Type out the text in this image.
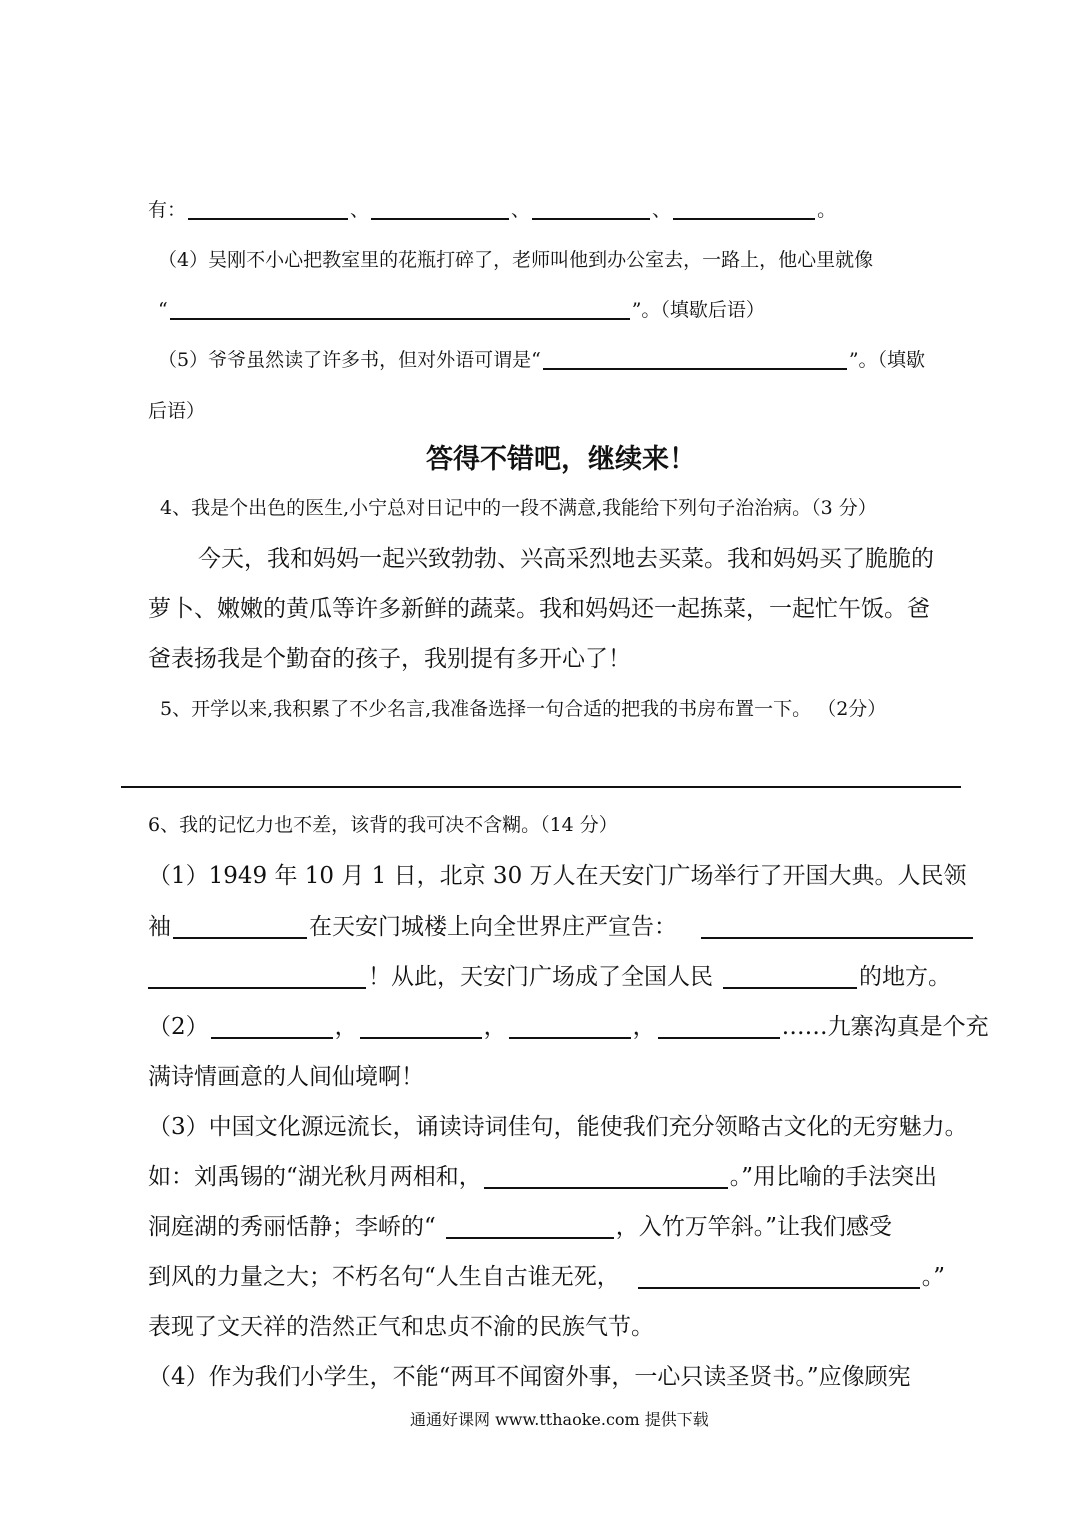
有：	、	、	、	。
（4）吴刚不小心把教室里的花瓶打碎了，老师叫他到办公室去，一路上，他心里就像
“	”。（填歇后语）
（5）爷爷虽然读了许多书，但对外语可谓是“	”。（填歇
后语）
答得不错吧，继续来！
4、我是个出色的医生,小宁总对日记中的一段不满意,我能给下列句子治治病。（3 分）
今天，我和妈妈一起兴致勃勃、兴高采烈地去买菜。我和妈妈买了脆脆的
萝卜、嫩嫩的黄瓜等许多新鲜的蔬菜。我和妈妈还一起拣菜，一起忙午饭。爸
爸表扬我是个勤奋的孩子，我别提有多开心了！
5、开学以来,我积累了不少名言,我准备选择一句合适的把我的书房布置一下。 （2分）
6、我的记忆力也不差，该背的我可决不含糊。（14 分）
（1）1949 年 10 月 1 日，北京 30 万人在天安门广场举行了开国大典。人民领
袖	在天安门城楼上向全世界庄严宣告：
！从此，天安门广场成了全国人民	的地方。
（2）	，	，	，	……九寨沟真是个充
满诗情画意的人间仙境啊！
（3）中国文化源远流长，诵读诗词佳句，能使我们充分领略古文化的无穷魅力。
如：刘禹锡的“湖光秋月两相和，	。”用比喻的手法突出
洞庭湖的秀丽恬静；李峤的“	，入竹万竿斜。”让我们感受
到风的力量之大；不朽名句“人生自古谁无死，	。”
表现了文天祥的浩然正气和忠贞不渝的民族气节。
（4）作为我们小学生，不能“两耳不闻窗外事，一心只读圣贤书。”应像顾宪
通通好课网 www.tthaoke.com 提供下载
